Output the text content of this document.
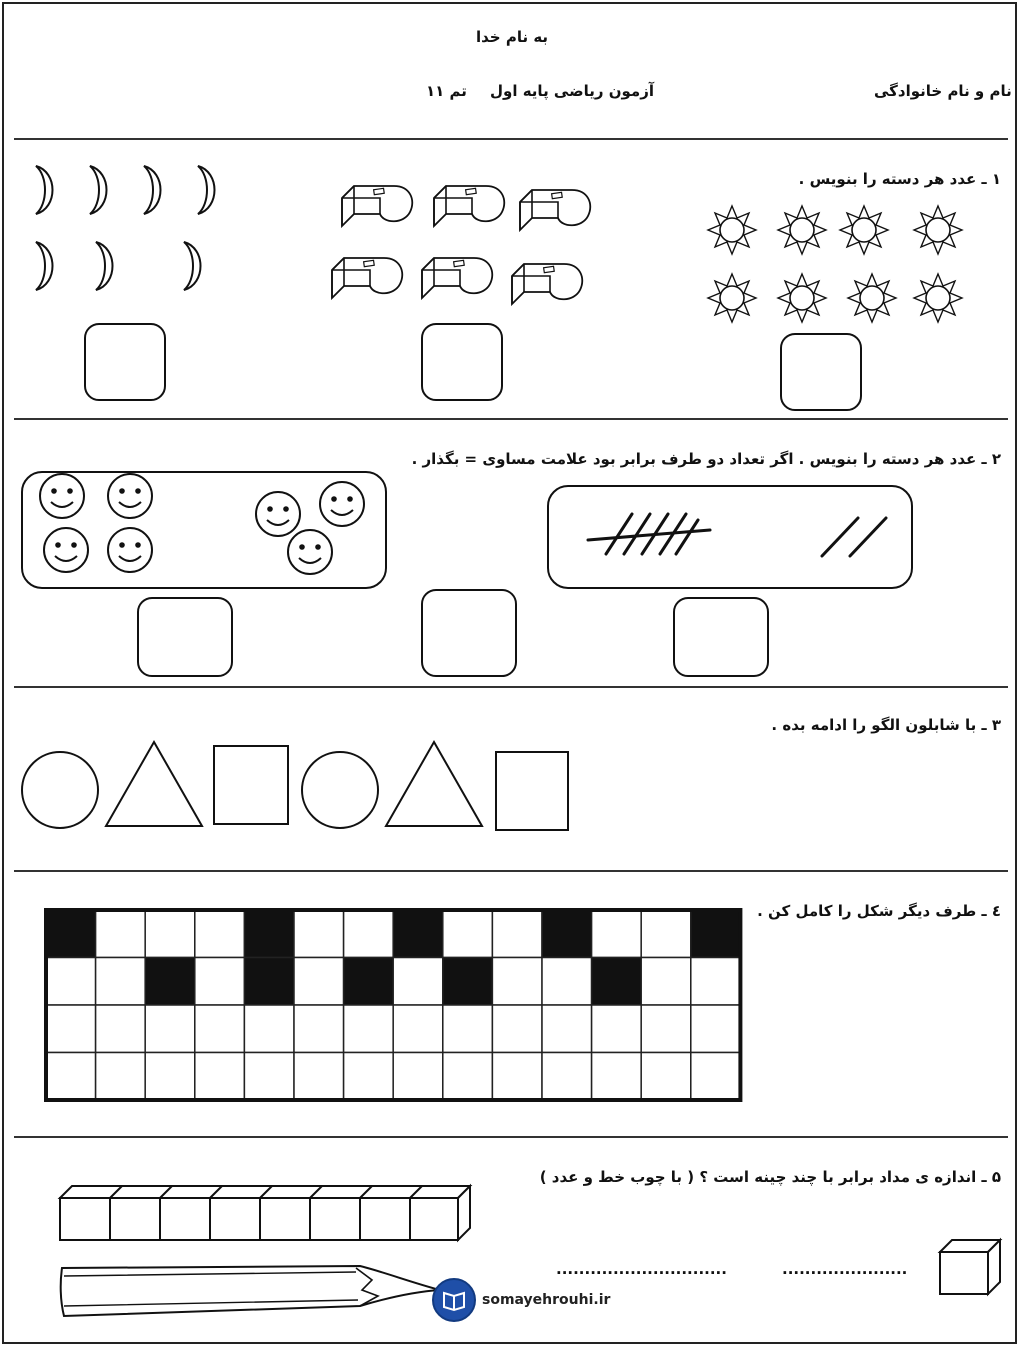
به نام خدا
آزمون ریاضی پایه اول
تم ۱۱	نام و نام خانوادگی
۱ ـ عدد هر دسته را بنویس .
۲ ـ عدد هر دسته را بنویس . اگر تعداد دو طرف برابر بود علامت مساوی = بگذار .
۳ ـ با شابلون الگو را ادامه بده .
٤ ـ طرف دیگر شکل را کامل کن .
۵ ـ اندازه ی مداد برابر با چند چینه است ؟ ( با چوب خط و عدد )
..............................	......................
somayehrouhi.ir
